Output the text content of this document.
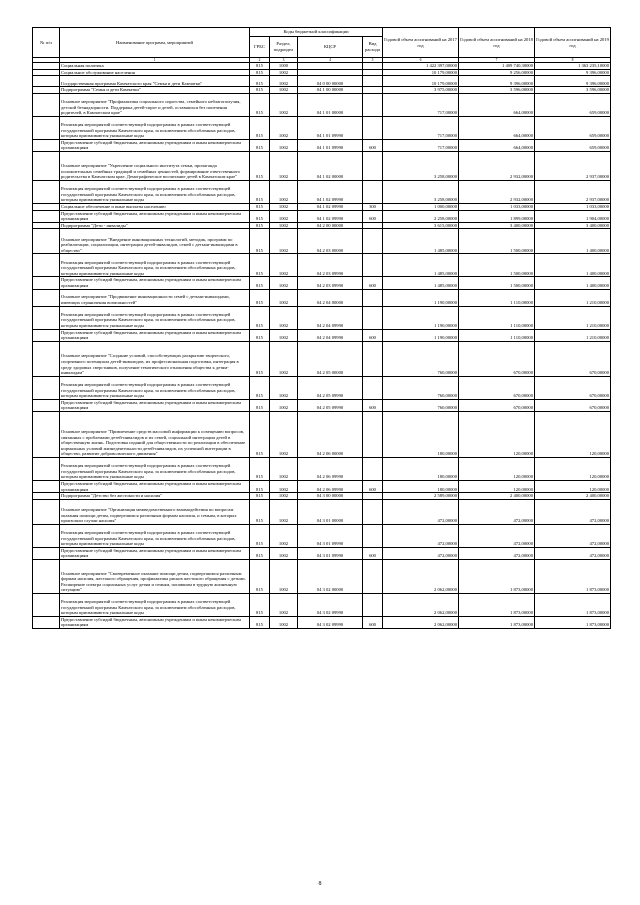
№ п/п	Наименование программ, мероприятий	Коды бюджетной классификации				Годовой объем ассигнований на 2017 год	Годовой объем ассигнований на 2018 год	Годовой объем ассигнований на 2019 год
		ГРБС	Раздел, подраздел	КЦСР	Вид расхода			
	1	2	3	4	5	6	7	8
	Социальная политика	815	1000			1 422 397,00000	1 409 740,30000	1 363 235,10000
	Социальное обслуживание населения	815	1002			10 179,00000	9 256,00000	9 396,00000
	Государственная программа Камчатского края "Семья и дети Камчатки"	815	1002	04 0 00 00000		10 179,00000	9 396,00000	9 396,00000
	Подпрограмма "Семья и дети Камчатки"	815	1002	04 1 00 00000		3 975,00000	3 596,00000	3 596,00000
	Основное мероприятие "Профилактика социального сиротства, семейного неблагополучия, детской безнадзорности. Поддержка детей-сирот и детей, оставшихся без попечения родителей, в Камчатском крае"	815	1002	04 1 01 00000		717,00000	664,00000	659,00000
	Реализация мероприятий соответствующей подпрограммы в рамках соответствующей государственной программы Камчатского края, за исключением обособленных расходов, которым присваиваются уникальные коды	815	1002	04 1 01 09990		717,00000	664,00000	659,00000
	Предоставление субсидий бюджетным, автономным учреждениям и иным некоммерческим организациям	815	1002	04 1 01 09990	600	717,00000	664,00000	659,00000
	Основное мероприятие "Укрепление социального института семьи, пропаганда положительных семейных традиций и семейных ценностей, формирование ответственного родительства в Камчатском крае. Демографическое воспитание детей в Камчатском крае"	815	1002	04 1 02 00000		3 258,00000	2 932,00000	2 937,00000
	Реализация мероприятий соответствующей подпрограммы в рамках соответствующей государственной программы Камчатского края, за исключением обособленных расходов, которым присваиваются уникальные коды	815	1002	04 1 02 09990		3 258,00000	2 932,00000	2 937,00000
	Социальное обеспечение и иные выплаты населению	815	1002	04 1 02 09990	300	1 000,00000	1 033,00000	1 033,00000
	Предоставление субсидий бюджетным, автономным учреждениям и иным некоммерческим организациям	815	1002	04 1 02 09990	600	2 258,00000	1 899,00000	1 904,00000
	Подпрограмма "Дети - инвалиды"	815	1002	04 2 00 00000		3 615,00000	3 400,00000	3 400,00000
	Основное мероприятие "Внедрение инновационных технологий, методик, программ по реабилитации, социализации, интеграции детей-инвалидов, семей с детьми-инвалидами в общество"	815	1002	04 2 03 00000		1 485,00000	1 500,00000	1 400,00000
	Реализация мероприятий соответствующей подпрограммы в рамках соответствующей государственной программы Камчатского края, за исключением обособленных расходов, которым присваиваются уникальные коды	815	1002	04 2 03 09990		1 485,00000	1 500,00000	1 400,00000
	Предоставление субсидий бюджетным, автономным учреждениям и иным некоммерческим организациям	815	1002	04 2 03 09990	600	1 485,00000	1 500,00000	1 400,00000
	Основное мероприятие "Продвижение инновационности семей с детьми-инвалидами, имеющих ограничения возможностей"	815	1002	04 2 04 00000		1 190,00000	1 110,00000	1 210,00000
	Реализация мероприятий соответствующей подпрограммы в рамках соответствующей государственной программы Камчатского края, за исключением обособленных расходов, которым присваиваются уникальные коды	815	1002	04 2 04 09990		1 190,00000	1 110,00000	1 210,00000
	Предоставление субсидий бюджетным, автономным учреждениям и иным некоммерческим организациям	815	1002	04 2 04 09990	600	1 190,00000	1 110,00000	1 210,00000
	Основное мероприятие "Создание условий, способствующих раскрытию творческого, спортивного потенциала детей-инвалидов, их профессиональная подготовка, интеграция в среду здоровых сверстников, получение тематического отношения общества к детям-инвалидам"	815	1002	04 2 05 00000		760,00000	670,00000	670,00000
	Реализация мероприятий соответствующей подпрограммы в рамках соответствующей государственной программы Камчатского края, за исключением обособленных расходов, которым присваиваются уникальные коды	815	1002	04 2 05 09990		760,00000	670,00000	670,00000
	Предоставление субсидий бюджетным, автономным учреждениям и иным некоммерческим организациям	815	1002	04 2 05 09990	600	760,00000	670,00000	670,00000
	Основное мероприятие "Привлечение средств массовой информации к освещению вопросов, связанных с проблемами детей-инвалидов и их семей, социальной интеграции детей в общественную жизнь. Подготовка изданий для общественности по реализации в обеспечение нормальных условий жизнедеятельности детей-инвалидов, их успешной интеграции в общество, развитие добровольческого движения"	815	1002	04 2 06 00000		180,00000	120,00000	120,00000
	Реализация мероприятий соответствующей подпрограммы в рамках соответствующей государственной программы Камчатского края, за исключением обособленных расходов, которым присваиваются уникальные коды	815	1002	04 2 06 09990		180,00000	120,00000	120,00000
	Предоставление субсидий бюджетным, автономным учреждениям и иным некоммерческим организациям	815	1002	04 2 06 09990	600	180,00000	120,00000	120,00000
	Подпрограмма "Детство без жестокости и насилия"	815	1002	04 3 00 00000		2 589,00000	2 400,00000	2 400,00000
	Основное мероприятие "Организация межведомственного взаимодействия по вопросам оказания помощи детям, подвергшимся различным формам насилия, и семьям, в которых произошли случаи насилия"	815	1002	04 3 01 00000		472,00000	472,00000	472,00000
	Реализация мероприятий соответствующей подпрограммы в рамках соответствующей государственной программы Камчатского края, за исключением обособленных расходов, которым присваиваются уникальные коды	815	1002	04 3 01 09990		472,00000	472,00000	472,00000
	Предоставление субсидий бюджетным, автономным учреждениям и иным некоммерческим организациям	815	1002	04 3 01 09990	600	472,00000	472,00000	472,00000
	Основное мероприятие "Своевременное оказание помощи детям, подвергшимся различным формам насилия, жестокого обращения, профилактика рисков жестокого обращения с детьми. Расширение спектра социальных услуг детям и семьям, попавшим в трудную жизненную ситуацию"	815	1002	04 3 02 00000		2 062,00000	1 873,00000	1 873,00000
	Реализация мероприятий соответствующей подпрограммы в рамках соответствующей государственной программы Камчатского края, за исключением обособленных расходов, которым присваиваются уникальные коды	815	1002	04 3 02 09990		2 062,00000	1 873,00000	1 873,00000
	Предоставление субсидий бюджетным, автономным учреждениям и иным некоммерческим организациям	815	1002	04 3 02 09990	600	2 062,00000	1 873,00000	1 873,00000
8
